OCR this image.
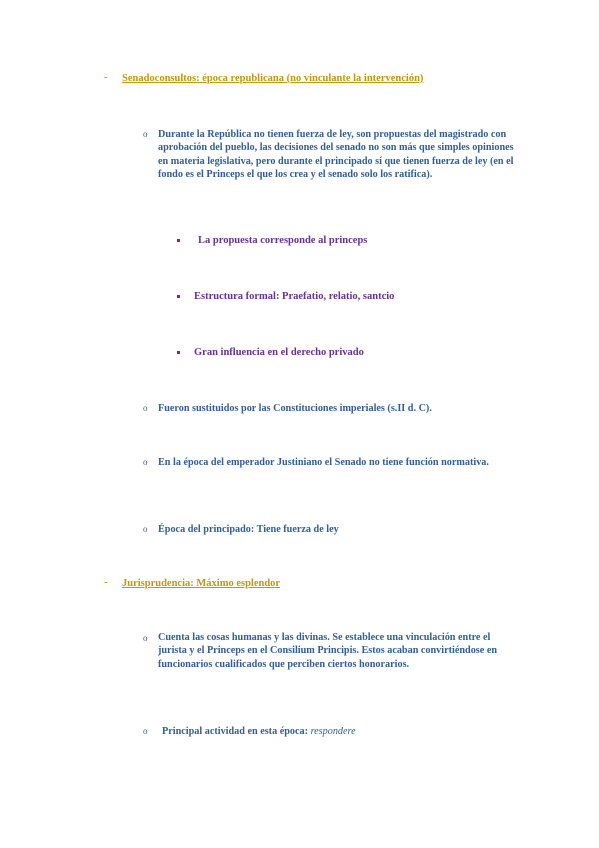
- Senadoconsultos: época republicana (no vinculante la intervención)
o Durante la República no tienen fuerza de ley, son propuestas del magistrado con aprobación del pueblo, las decisiones del senado no son más que simples opiniones en materia legislativa, pero durante el principado sí que tienen fuerza de ley (en el fondo es el Princeps el que los crea y el senado solo los ratifica).
La propuesta corresponde al princeps
Estructura formal: Praefatio, relatio, santcio
Gran influencia en el derecho privado
o Fueron sustituidos por las Constituciones imperiales (s.II d. C).
o En la época del emperador Justiniano el Senado no tiene función normativa.
o Época del principado: Tiene fuerza de ley
- Jurisprudencia: Máximo esplendor
o Cuenta las cosas humanas y las divinas. Se establece una vinculación entre el jurista y el Princeps en el Consilium Principis. Estos acaban convirtiéndose en funcionarios cualificados que perciben ciertos honorarios.
o Principal actividad en esta época: respondere
